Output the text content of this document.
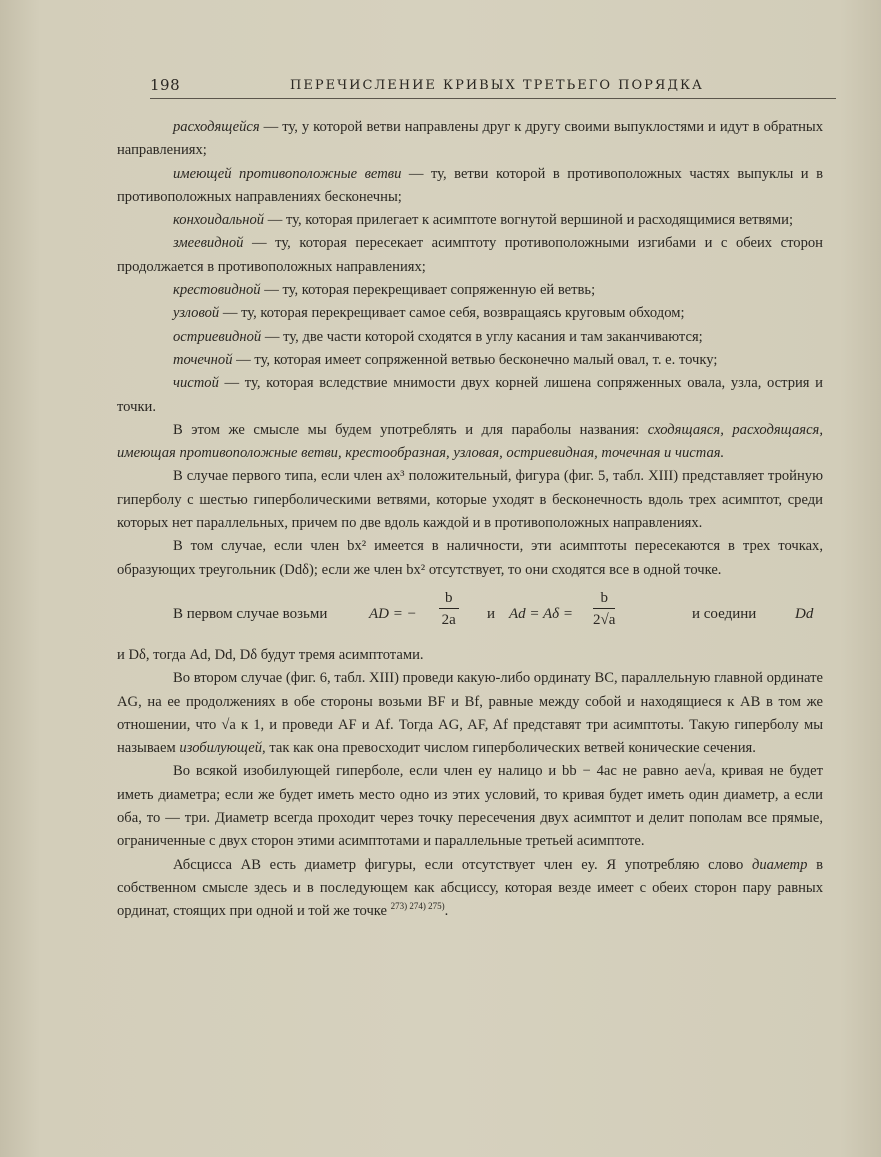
198	ПЕРЕЧИСЛЕНИЕ КРИВЫХ ТРЕТЬЕГО ПОРЯДКА

расходящейся — ту, у которой ветви направлены друг к другу своими выпуклостями и идут в обратных направлениях;

имеющей противоположные ветви — ту, ветви которой в противоположных частях выпуклы и в противоположных направлениях бесконечны;

конхоидальной — ту, которая прилегает к асимптоте вогнутой вершиной и расходящимися ветвями;

змеевидной — ту, которая пересекает асимптоту противоположными изгибами и с обеих сторон продолжается в противоположных направлениях;

крестовидной — ту, которая перекрещивает сопряженную ей ветвь;

узловой — ту, которая перекрещивает самое себя, возвращаясь круговым обходом;

остриевидной — ту, две части которой сходятся в углу касания и там заканчиваются;

точечной — ту, которая имеет сопряженной ветвью бесконечно малый овал, т. е. точку;

чистой — ту, которая вследствие мнимости двух корней лишена сопряженных овала, узла, острия и точки.

В этом же смысле мы будем употреблять и для параболы названия: сходящаяся, расходящаяся, имеющая противоположные ветви, крестообразная, узловая, остриевидная, точечная и чистая.

В случае первого типа, если член ax³ положительный, фигура (фиг. 5, табл. XIII) представляет тройную гиперболу с шестью гиперболическими ветвями, которые уходят в бесконечность вдоль трех асимптот, среди которых нет параллельных, причем по две вдоль каждой и в противоположных направлениях.

В том случае, если член bx² имеется в наличности, эти асимптоты пересекаются в трех точках, образующих треугольник (Ddδ); если же член bx² отсутствует, то они сходятся все в одной точке.

В первом случае возьми	AD = − $\frac{b}{2a}$ и $Ad = A\delta = \frac{b}{2√a}$	и соедини	Dd

и Dδ, тогда Ad, Dd, Dδ будут тремя асимптотами.

Во втором случае (фиг. 6, табл. XIII) проведи какую-либо ординату BC, параллельную главной ординате AG, на ее продолжениях в обе стороны возьми BF и Bf, равные между собой и находящиеся к AB в том же отношении, что √a к 1, и проведи AF и Af. Тогда AG, AF, Af представят три асимптоты. Такую гиперболу мы называем изобилующей, так как она превосходит числом гиперболических ветвей конические сечения.

Во всякой изобилующей гиперболе, если член ey налицо и bb − 4ac не равно ae√a, кривая не будет иметь диаметра; если же будет иметь место одно из этих условий, то кривая будет иметь один диаметр, а если оба, то — три. Диаметр всегда проходит через точку пересечения двух асимптот и делит пополам все прямые, ограниченные с двух сторон этими асимптотами и параллельные третьей асимптоте.

Абсцисса AB есть диаметр фигуры, если отсутствует член ey. Я употребляю слово диаметр в собственном смысле здесь и в последующем как абсциссу, которая везде имеет с обеих сторон пару равных ординат, стоящих при одной и той же точке $^{273) 274) 275)}$.
